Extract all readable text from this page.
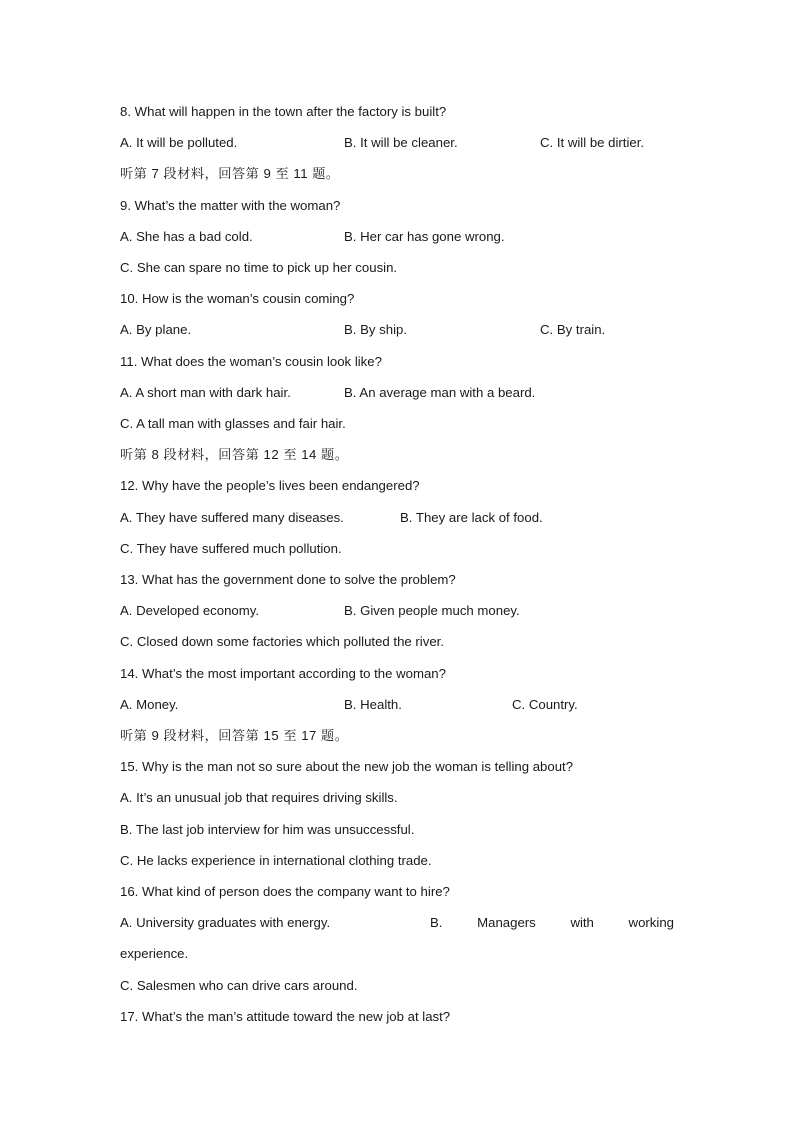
8. What will happen in the town after the factory is built?
A. It will be polluted.	B. It will be cleaner.	C. It will be dirtier.
听第 7 段材料，回答第 9 至 11 题。
9. What’s the matter with the woman?
A. She has a bad cold.	B. Her car has gone wrong.
C. She can spare no time to pick up her cousin.
10. How is the woman’s cousin coming?
A. By plane.	B. By ship.	C. By train.
11. What does the woman’s cousin look like?
A. A short man with dark hair.	B. An average man with a beard.
C. A tall man with glasses and fair hair.
听第 8 段材料，回答第 12 至 14 题。
12. Why have the people’s lives been endangered?
A. They have suffered many diseases.	B. They are lack of food.
C. They have suffered much pollution.
13. What has the government done to solve the problem?
A. Developed economy.	B. Given people much money.
C. Closed down some factories which polluted the river.
14. What’s the most important according to the woman?
A. Money.	B. Health.	C. Country.
听第 9 段材料，回答第 15 至 17 题。
15. Why is the man not so sure about the new job the woman is telling about?
A. It’s an unusual job that requires driving skills.
B. The last job interview for him was unsuccessful.
C. He lacks experience in international clothing trade.
16. What kind of person does the company want to hire?
A. University graduates with energy.	B.	Managers	with	working
experience.
C. Salesmen who can drive cars around.
17. What’s the man’s attitude toward the new job at last?
